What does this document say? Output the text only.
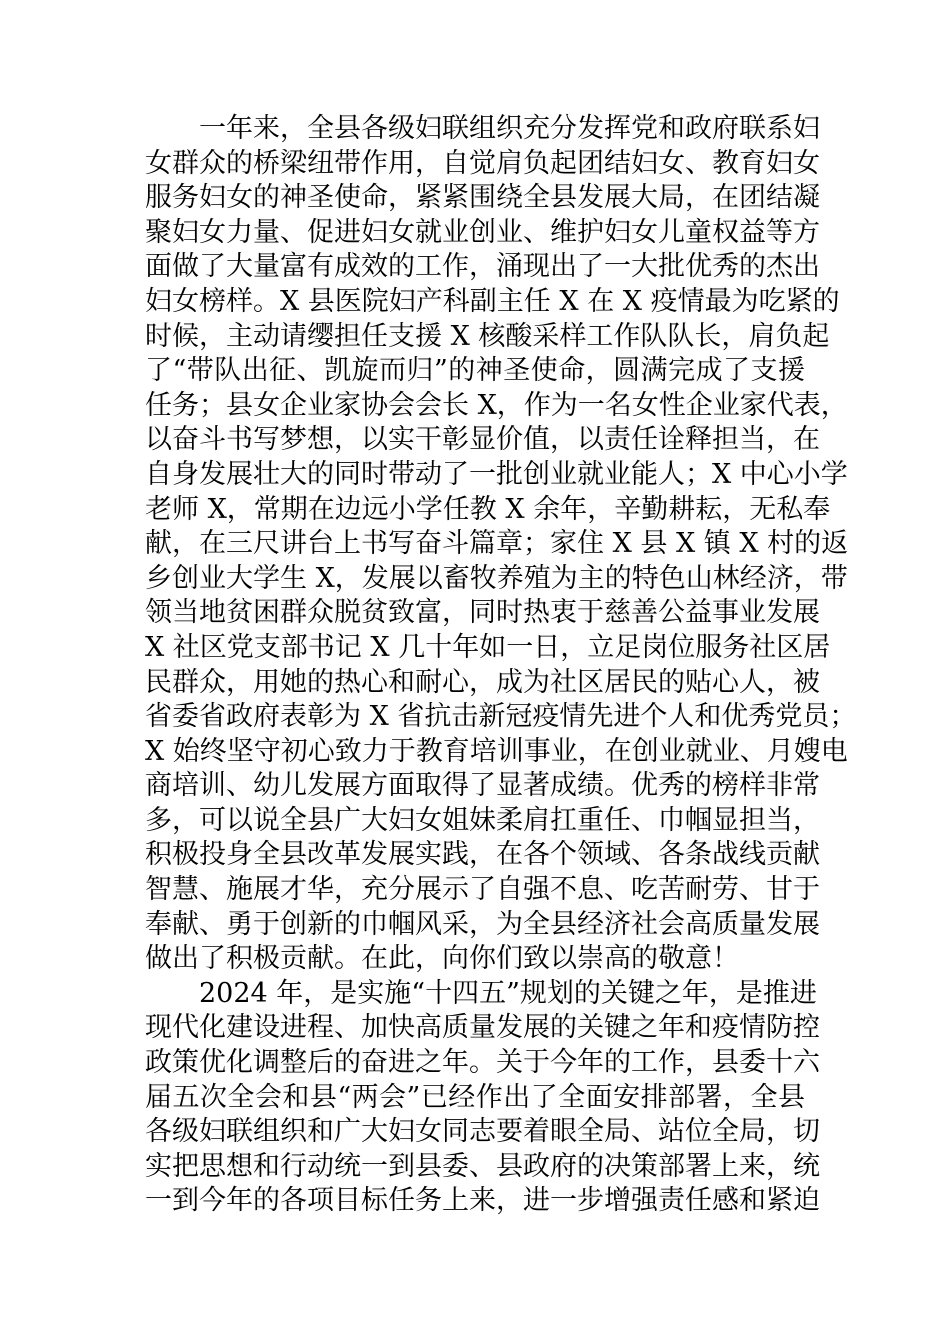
一年来，全县各级妇联组织充分发挥党和政府联系妇
女群众的桥梁纽带作用，自觉肩负起团结妇女、教育妇女
服务妇女的神圣使命，紧紧围绕全县发展大局，在团结凝
聚妇女力量、促进妇女就业创业、维护妇女儿童权益等方
面做了大量富有成效的工作，涌现出了一大批优秀的杰出
妇女榜样。X 县医院妇产科副主任 X 在 X 疫情最为吃紧的
时候，主动请缨担任支援 X 核酸采样工作队队长，肩负起
了“带队出征、凯旋而归”的神圣使命，圆满完成了支援
任务；县女企业家协会会长 X，作为一名女性企业家代表，
以奋斗书写梦想，以实干彰显价值，以责任诠释担当，在
自身发展壮大的同时带动了一批创业就业能人；X 中心小学
老师 X，常期在边远小学任教 X 余年，辛勤耕耘，无私奉
献，在三尺讲台上书写奋斗篇章；家住 X 县 X 镇 X 村的返
乡创业大学生 X，发展以畜牧养殖为主的特色山林经济，带
领当地贫困群众脱贫致富，同时热衷于慈善公益事业发展
X 社区党支部书记 X 几十年如一日，立足岗位服务社区居
民群众，用她的热心和耐心，成为社区居民的贴心人，被
省委省政府表彰为 X 省抗击新冠疫情先进个人和优秀党员；
X 始终坚守初心致力于教育培训事业，在创业就业、月嫂电
商培训、幼儿发展方面取得了显著成绩。优秀的榜样非常
多，可以说全县广大妇女姐妹柔肩扛重任、巾帼显担当，
积极投身全县改革发展实践，在各个领域、各条战线贡献
智慧、施展才华，充分展示了自强不息、吃苦耐劳、甘于
奉献、勇于创新的巾帼风采，为全县经济社会高质量发展
做出了积极贡献。在此，向你们致以崇高的敬意！
2024 年，是实施“十四五”规划的关键之年，是推进
现代化建设进程、加快高质量发展的关键之年和疫情防控
政策优化调整后的奋进之年。关于今年的工作，县委十六
届五次全会和县“两会”已经作出了全面安排部署，全县
各级妇联组织和广大妇女同志要着眼全局、站位全局，切
实把思想和行动统一到县委、县政府的决策部署上来，统
一到今年的各项目标任务上来，进一步增强责任感和紧迫
